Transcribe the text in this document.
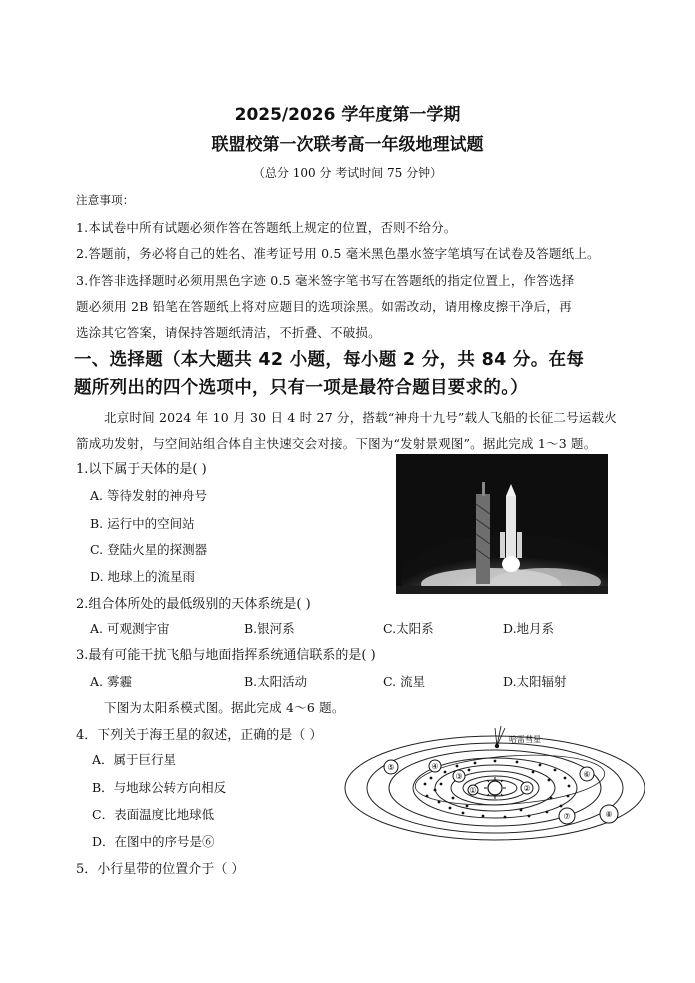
2025/2026 学年度第一学期
联盟校第一次联考高一年级地理试题
（总分 100 分 考试时间 75 分钟）
注意事项：
1.本试卷中所有试题必须作答在答题纸上规定的位置，否则不给分。
2.答题前，务必将自己的姓名、准考证号用 0.5 毫米黑色墨水签字笔填写在试卷及答题纸上。
3.作答非选择题时必须用黑色字迹 0.5 毫米签字笔书写在答题纸的指定位置上，作答选择
题必须用 2B 铅笔在答题纸上将对应题目的选项涂黑。如需改动，请用橡皮擦干净后，再
选涂其它答案，请保持答题纸清洁，不折叠、不破损。
一、选择题（本大题共 42 小题，每小题 2 分，共 84 分。在每
题所列出的四个选项中，只有一项是最符合题目要求的。）
北京时间 2024 年 10 月 30 日 4 时 27 分，搭载“神舟十九号”载人飞船的长征二号运载火
箭成功发射，与空间站组合体自主快速交会对接。下图为“发射景观图”。据此完成 1～3 题。
1.以下属于天体的是( )
A. 等待发射的神舟号
B. 运行中的空间站
C. 登陆火星的探测器
D. 地球上的流星雨
2.组合体所处的最低级别的天体系统是( )
A. 可观测宇宙	B.银河系	C.太阳系	D.地月系
3.最有可能干扰飞船与地面指挥系统通信联系的是( )
A. 雾霾	B.太阳活动	C. 流星	D.太阳辐射
下图为太阳系模式图。据此完成 4～6 题。
4．下列关于海王星的叙述，正确的是（ ）
A．属于巨行星
B．与地球公转方向相反
C．表面温度比地球低
D．在图中的序号是⑥
5．小行星带的位置介于（ ）
①	②
③
④
⑤
⑥
⑦	⑧
哈雷彗星
